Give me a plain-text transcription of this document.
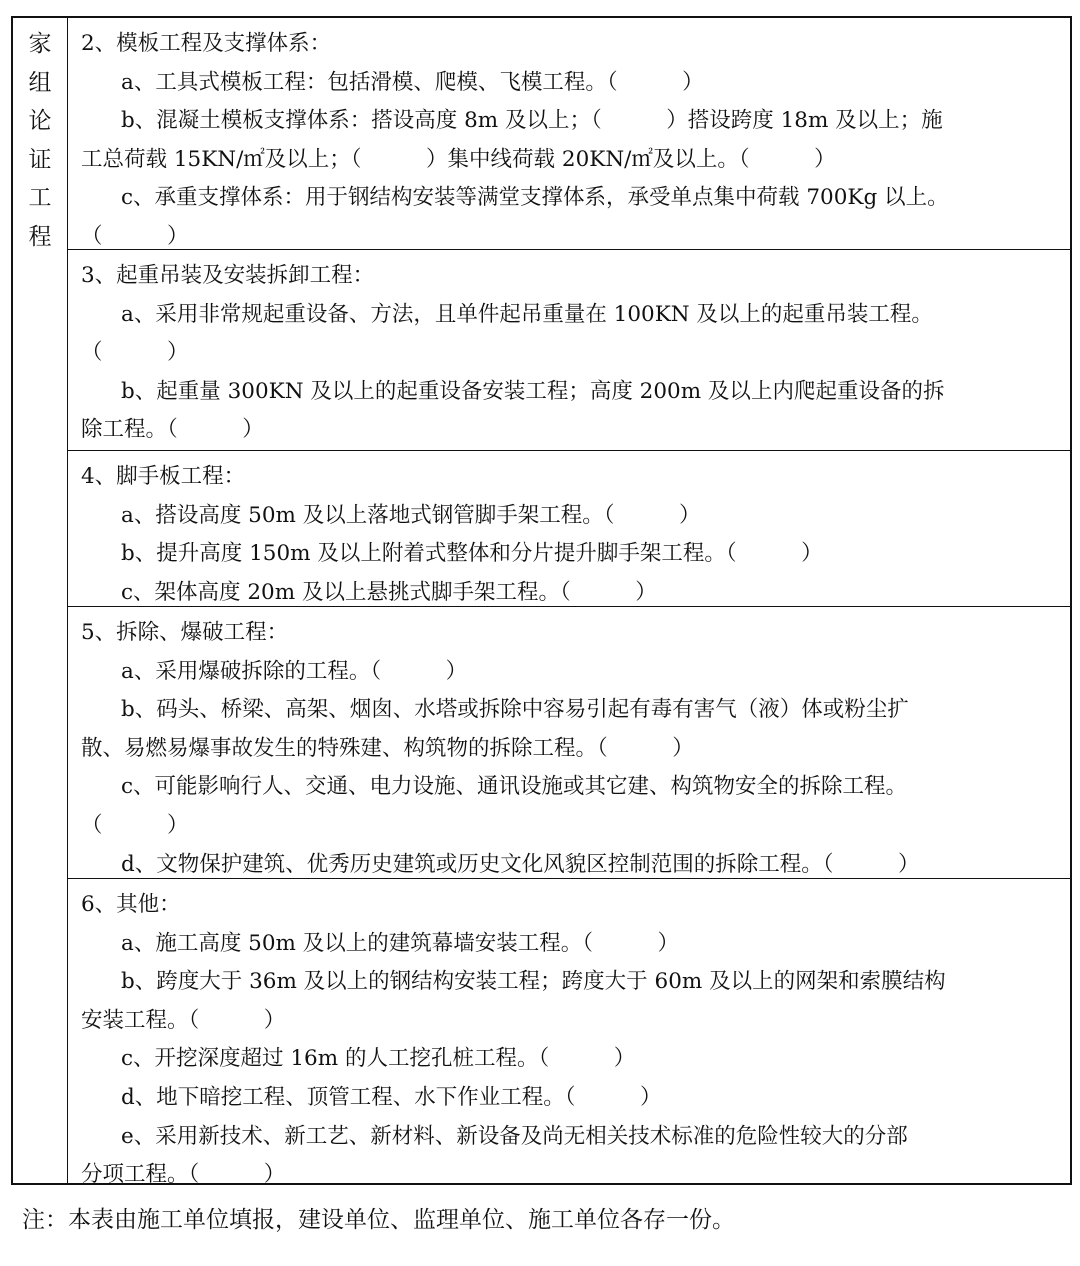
家
组
论
证
工
程
2、模板工程及支撑体系：
a、工具式模板工程：包括滑模、爬模、飞模工程。（　　　）
b、混凝土模板支撑体系：搭设高度 8m 及以上；（　　　）搭设跨度 18m 及以上；施
工总荷载 15KN/㎡及以上；（　　　）集中线荷载 20KN/㎡及以上。（　　　）
c、承重支撑体系：用于钢结构安装等满堂支撑体系，承受单点集中荷载 700Kg 以上。
（　　　）
3、起重吊装及安装拆卸工程：
a、采用非常规起重设备、方法，且单件起吊重量在 100KN 及以上的起重吊装工程。
（　　　）
b、起重量 300KN 及以上的起重设备安装工程；高度 200m 及以上内爬起重设备的拆
除工程。（　　　）
4、脚手板工程：
a、搭设高度 50m 及以上落地式钢管脚手架工程。（　　　）
b、提升高度 150m 及以上附着式整体和分片提升脚手架工程。（　　　）
c、架体高度 20m 及以上悬挑式脚手架工程。（　　　）
5、拆除、爆破工程：
a、采用爆破拆除的工程。（　　　）
b、码头、桥梁、高架、烟囱、水塔或拆除中容易引起有毒有害气（液）体或粉尘扩
散、易燃易爆事故发生的特殊建、构筑物的拆除工程。（　　　）
c、可能影响行人、交通、电力设施、通讯设施或其它建、构筑物安全的拆除工程。
（　　　）
d、文物保护建筑、优秀历史建筑或历史文化风貌区控制范围的拆除工程。（　　　）
6、其他：
a、施工高度 50m 及以上的建筑幕墙安装工程。（　　　）
b、跨度大于 36m 及以上的钢结构安装工程；跨度大于 60m 及以上的网架和索膜结构
安装工程。（　　　）
c、开挖深度超过 16m 的人工挖孔桩工程。（　　　）
d、地下暗挖工程、顶管工程、水下作业工程。（　　　）
e、采用新技术、新工艺、新材料、新设备及尚无相关技术标准的危险性较大的分部
分项工程。（　　　）
注：本表由施工单位填报，建设单位、监理单位、施工单位各存一份。
